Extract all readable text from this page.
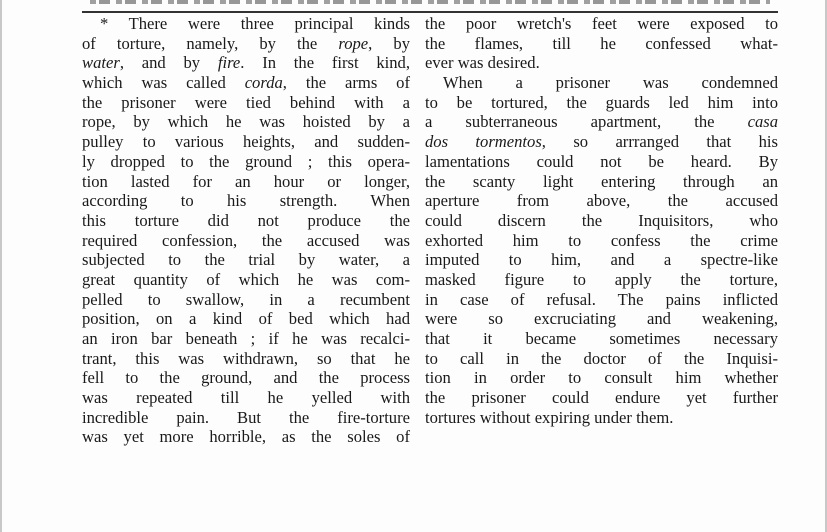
* There were three principal kinds
of torture, namely, by the rope, by
water, and by fire. In the first kind,
which was called corda, the arms of
the prisoner were tied behind with a
rope, by which he was hoisted by a
pulley to various heights, and sudden-
ly dropped to the ground ; this opera-
tion lasted for an hour or longer,
according to his strength. When
this torture did not produce the
required confession, the accused was
subjected to the trial by water, a
great quantity of which he was com-
pelled to swallow, in a recumbent
position, on a kind of bed which had
an iron bar beneath ; if he was recalci-
trant, this was withdrawn, so that he
fell to the ground, and the process
was repeated till he yelled with
incredible pain. But the fire-torture
was yet more horrible, as the soles of
the poor wretch's feet were exposed to
the flames, till he confessed what-
ever was desired.
When a prisoner was condemned
to be tortured, the guards led him into
a subterraneous apartment, the casa
dos tormentos, so arrranged that his
lamentations could not be heard. By
the scanty light entering through an
aperture from above, the accused
could discern the Inquisitors, who
exhorted him to confess the crime
imputed to him, and a spectre-like
masked figure to apply the torture,
in case of refusal. The pains inflicted
were so excruciating and weakening,
that it became sometimes necessary
to call in the doctor of the Inquisi-
tion in order to consult him whether
the prisoner could endure yet further
tortures without expiring under them.
